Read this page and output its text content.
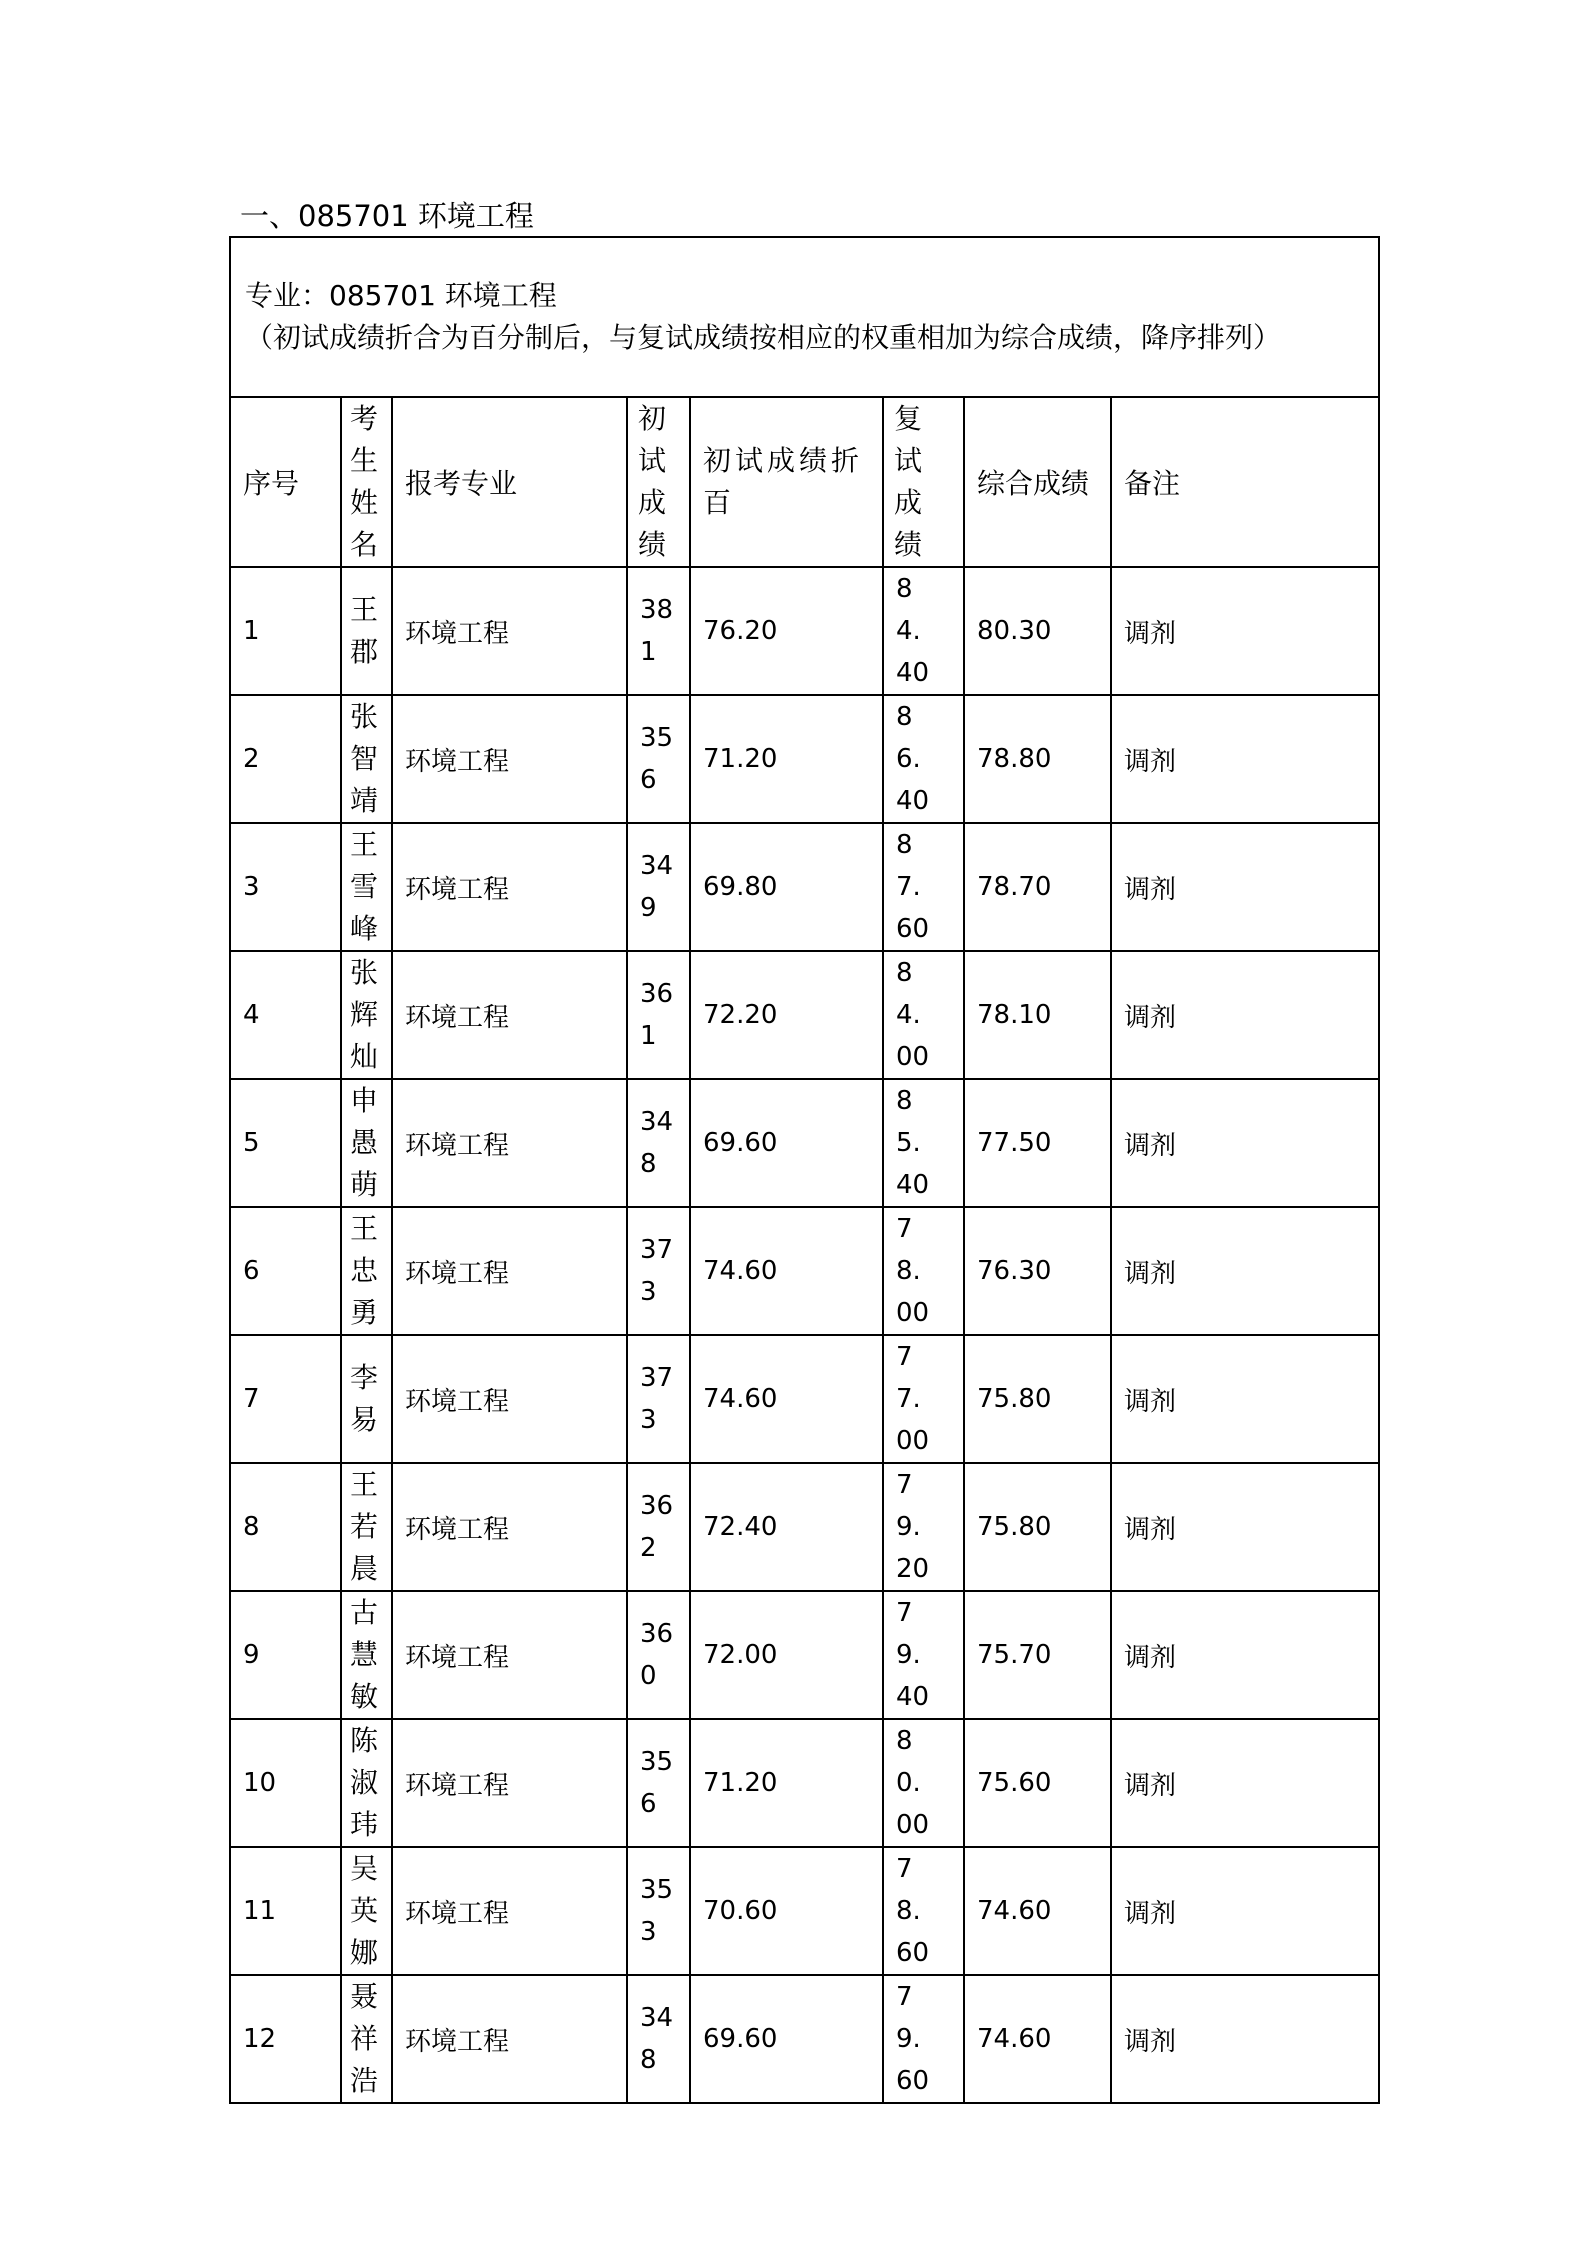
一、085701 环境工程
专业：085701 环境工程
（初试成绩折合为百分制后，与复试成绩按相应的权重相加为综合成绩，降序排列）							

序号	考生姓名	报考专业	初试成绩	初试成绩折百	复试成绩	综合成绩	备注
1	王郡	环境工程	381	76.20	84.40	80.30	调剂
2	张智靖	环境工程	356	71.20	86.40	78.80	调剂
3	王雪峰	环境工程	349	69.80	87.60	78.70	调剂
4	张辉灿	环境工程	361	72.20	84.00	78.10	调剂
5	申愚萌	环境工程	348	69.60	85.40	77.50	调剂
6	王忠勇	环境工程	373	74.60	78.00	76.30	调剂
7	李易	环境工程	373	74.60	77.00	75.80	调剂
8	王若晨	环境工程	362	72.40	79.20	75.80	调剂
9	古慧敏	环境工程	360	72.00	79.40	75.70	调剂
10	陈淑玮	环境工程	356	71.20	80.00	75.60	调剂
11	吴英娜	环境工程	353	70.60	78.60	74.60	调剂
12	聂祥浩	环境工程	348	69.60	79.60	74.60	调剂
